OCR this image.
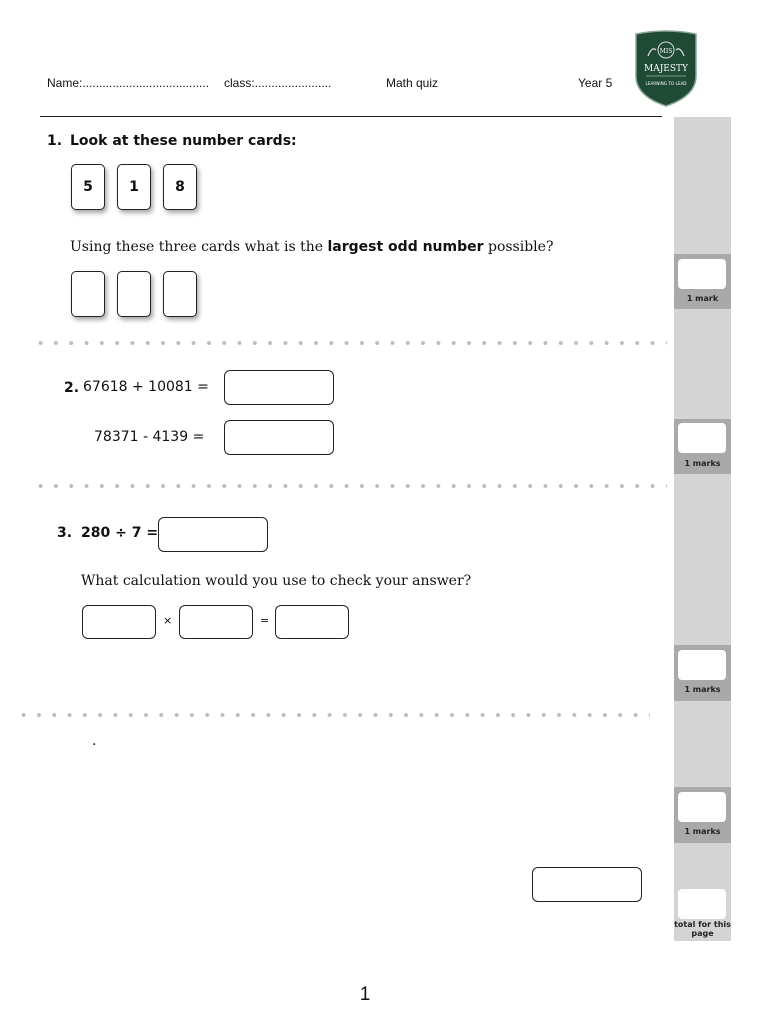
Name:...................................... class:.......................	Math quiz	Year 5
MIS
MAJESTY
LEARNING TO LEAD
1 mark
1 marks
1 marks
1 marks
total for this page
1. Look at these number cards:
5	1	8
Using these three cards what is the largest odd number possible?
2. 67618 + 10081 =
78371 - 4139 =
3. 280 ÷ 7 =
What calculation would you use to check your answer?
×	=
.
1
